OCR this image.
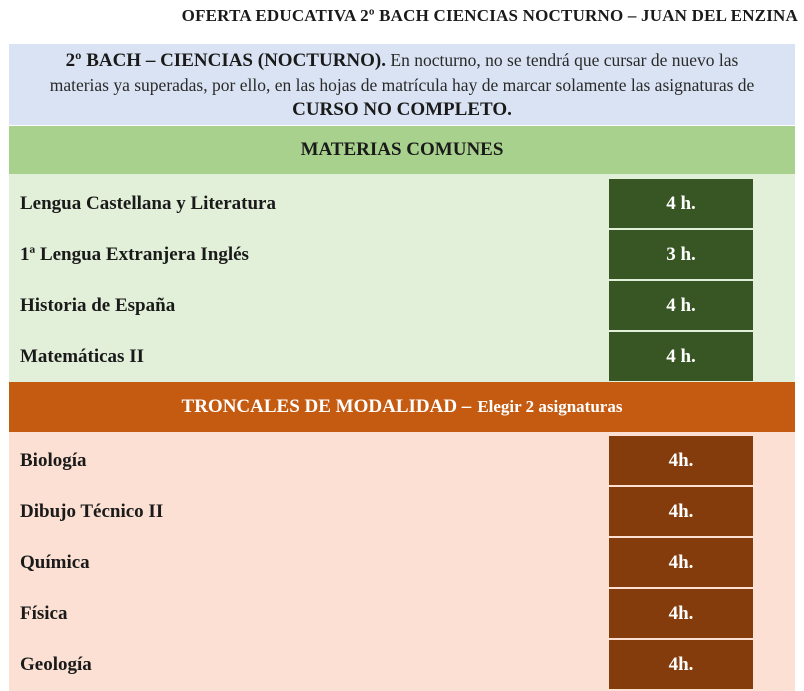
OFERTA EDUCATIVA 2º BACH CIENCIAS NOCTURNO – JUAN DEL ENZINA
2º BACH – CIENCIAS (NOCTURNO). En nocturno, no se tendrá que cursar de nuevo las materias ya superadas, por ello, en las hojas de matrícula hay de marcar solamente las asignaturas de CURSO NO COMPLETO.
MATERIAS COMUNES
Lengua Castellana y Literatura	4 h.
1ª Lengua Extranjera Inglés	3 h.
Historia de España	4 h.
Matemáticas II	4 h.
TRONCALES DE MODALIDAD – Elegir 2 asignaturas
Biología	4h.
Dibujo Técnico II	4h.
Química	4h.
Física	4h.
Geología	4h.
